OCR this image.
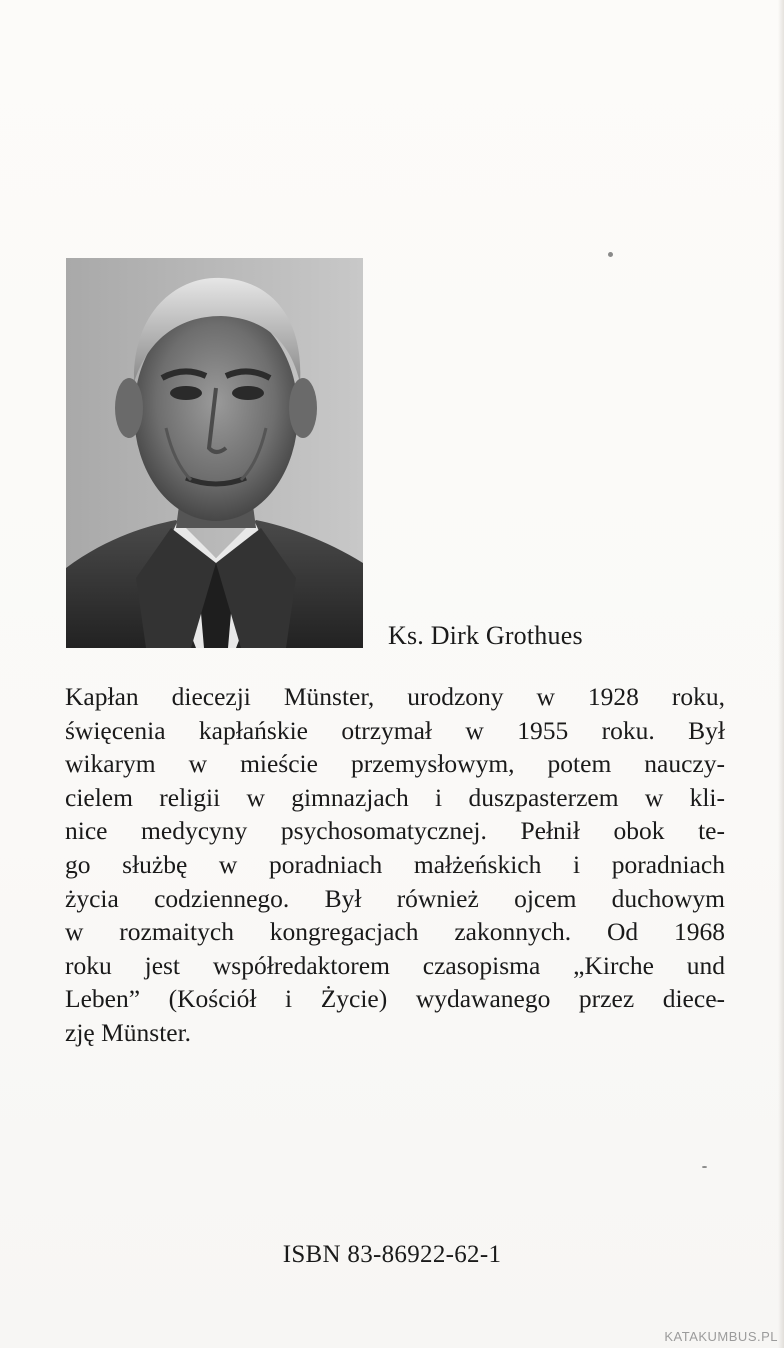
Ks. Dirk Grothues
Kapłan diecezji Münster, urodzony w 1928 roku,
święcenia kapłańskie otrzymał w 1955 roku. Był
wikarym w mieście przemysłowym, potem nauczy-
cielem religii w gimnazjach i duszpasterzem w kli-
nice medycyny psychosomatycznej. Pełnił obok te-
go służbę w poradniach małżeńskich i poradniach
życia codziennego. Był również ojcem duchowym
w rozmaitych kongregacjach zakonnych. Od 1968
roku jest współredaktorem czasopisma „Kirche und
Leben” (Kościół i Życie) wydawanego przez diece-
zję Münster.
ISBN 83-86922-62-1
KATAKUMBUS.PL
